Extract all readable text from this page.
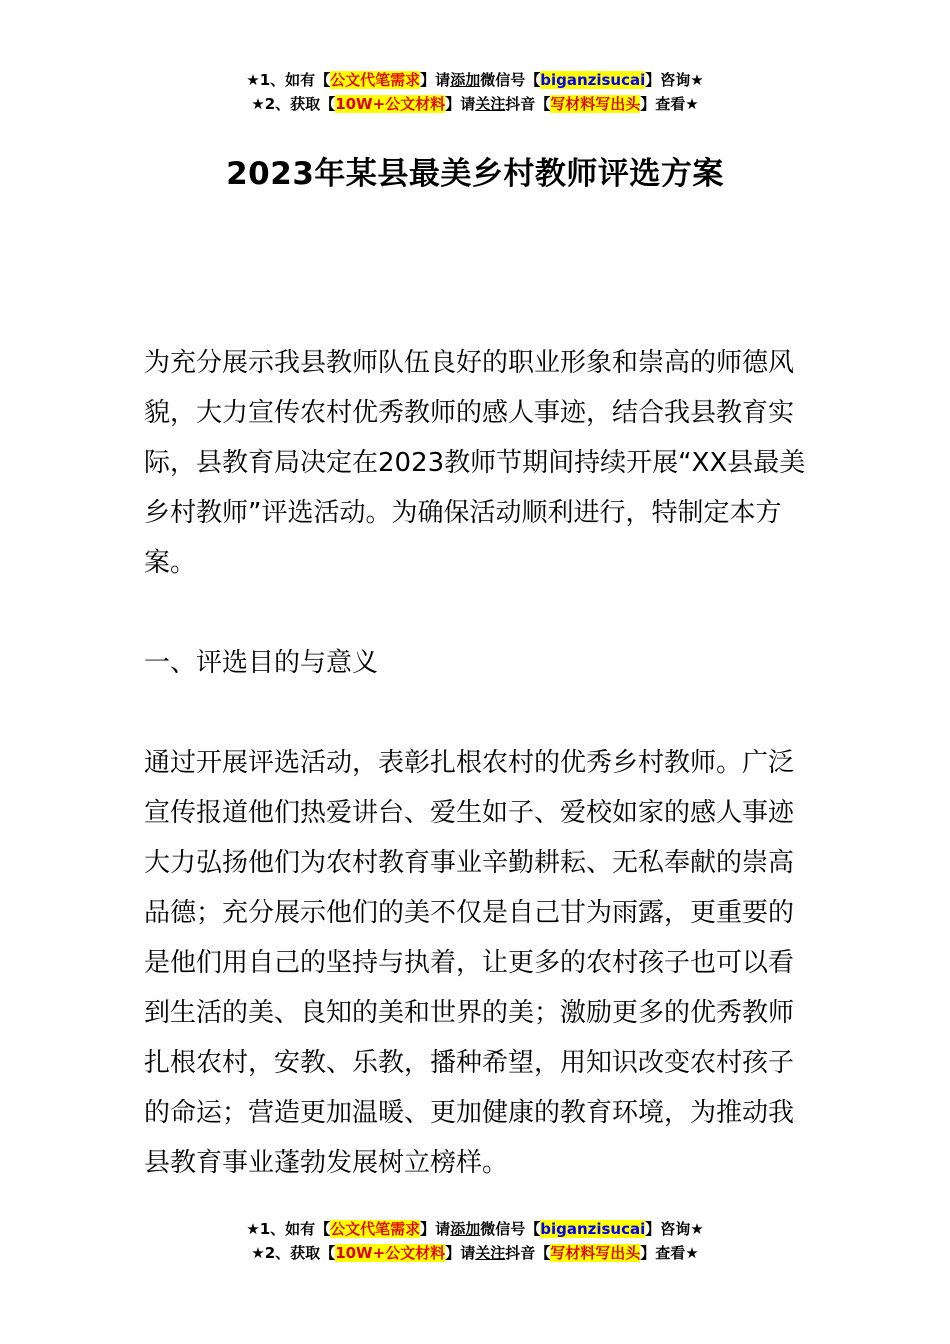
★1、如有【公文代笔需求】请添加微信号【biganzisucai】咨询★
★2、获取【10W+公文材料】请关注抖音【写材料写出头】查看★
2023年某县最美乡村教师评选方案

为充分展示我县教师队伍良好的职业形象和崇高的师德风貌，大力宣传农村优秀教师的感人事迹，结合我县教育实际，县教育局决定在2023教师节期间持续开展“XX县最美乡村教师”评选活动。为确保活动顺利进行，特制定本方案。

一、评选目的与意义

通过开展评选活动，表彰扎根农村的优秀乡村教师。广泛宣传报道他们热爱讲台、爱生如子、爱校如家的感人事迹大力弘扬他们为农村教育事业辛勤耕耘、无私奉献的崇高品德；充分展示他们的美不仅是自己甘为雨露，更重要的是他们用自己的坚持与执着，让更多的农村孩子也可以看到生活的美、良知的美和世界的美；激励更多的优秀教师扎根农村，安教、乐教，播种希望，用知识改变农村孩子的命运；营造更加温暖、更加健康的教育环境，为推动我县教育事业蓬勃发展树立榜样。

★1、如有【公文代笔需求】请添加微信号【biganzisucai】咨询★
★2、获取【10W+公文材料】请关注抖音【写材料写出头】查看★
